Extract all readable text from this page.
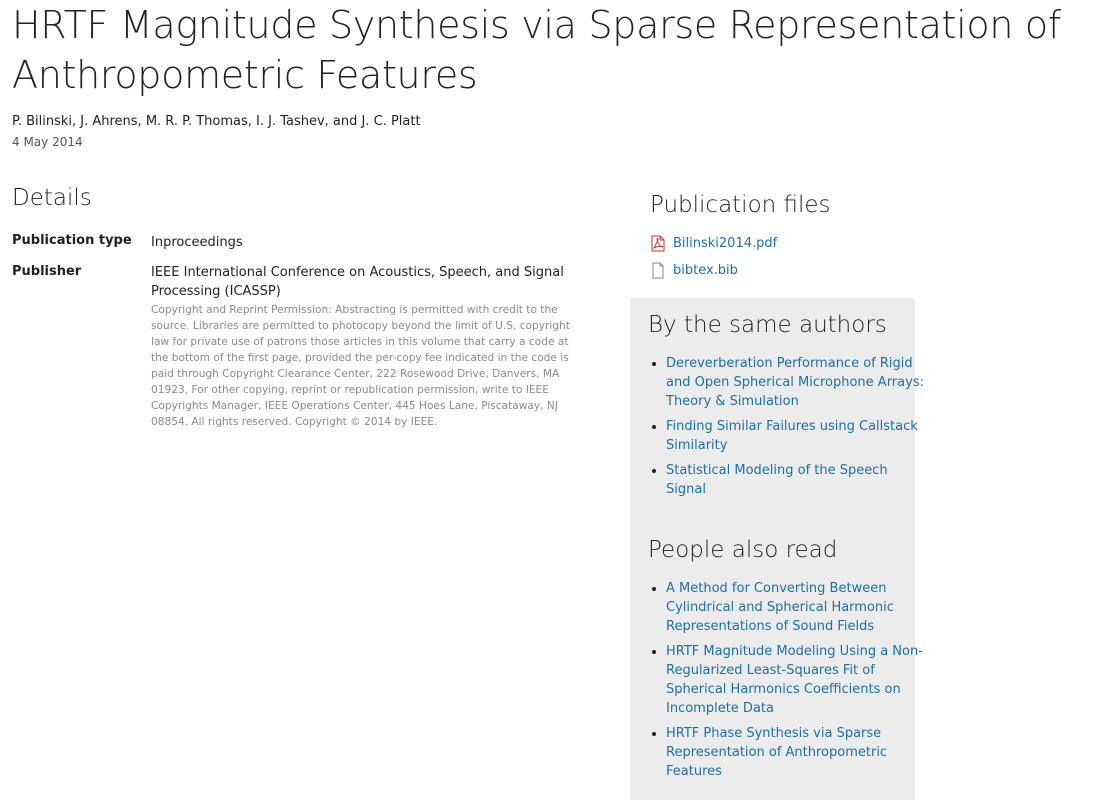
HRTF Magnitude Synthesis via Sparse Representation of
Anthropometric Features
P. Bilinski, J. Ahrens, M. R. P. Thomas, I. J. Tashev, and J. C. Platt
4 May 2014
Details
Publication type Inproceedings
Publisher	IEEE International Conference on Acoustics, Speech, and Signal Processing (ICASSP)
Copyright and Reprint Permission: Abstracting is permitted with credit to the source. Libraries are permitted to photocopy beyond the limit of U.S. copyright law for private use of patrons those articles in this volume that carry a code at the bottom of the first page, provided the per-copy fee indicated in the code is paid through Copyright Clearance Center, 222 Rosewood Drive, Danvers, MA 01923. For other copying, reprint or republication permission, write to IEEE Copyrights Manager, IEEE Operations Center, 445 Hoes Lane, Piscataway, NJ 08854. All rights reserved. Copyright © 2014 by IEEE.
Publication files
Bilinski2014.pdf
bibtex.bib
By the same authors
• Dereverberation Performance of Rigid and Open Spherical Microphone Arrays: Theory & Simulation
• Finding Similar Failures using Callstack Similarity
• Statistical Modeling of the Speech Signal
People also read
• A Method for Converting Between Cylindrical and Spherical Harmonic Representations of Sound Fields
• HRTF Magnitude Modeling Using a Non-Regularized Least-Squares Fit of Spherical Harmonics Coefficients on Incomplete Data
• HRTF Phase Synthesis via Sparse Representation of Anthropometric Features
